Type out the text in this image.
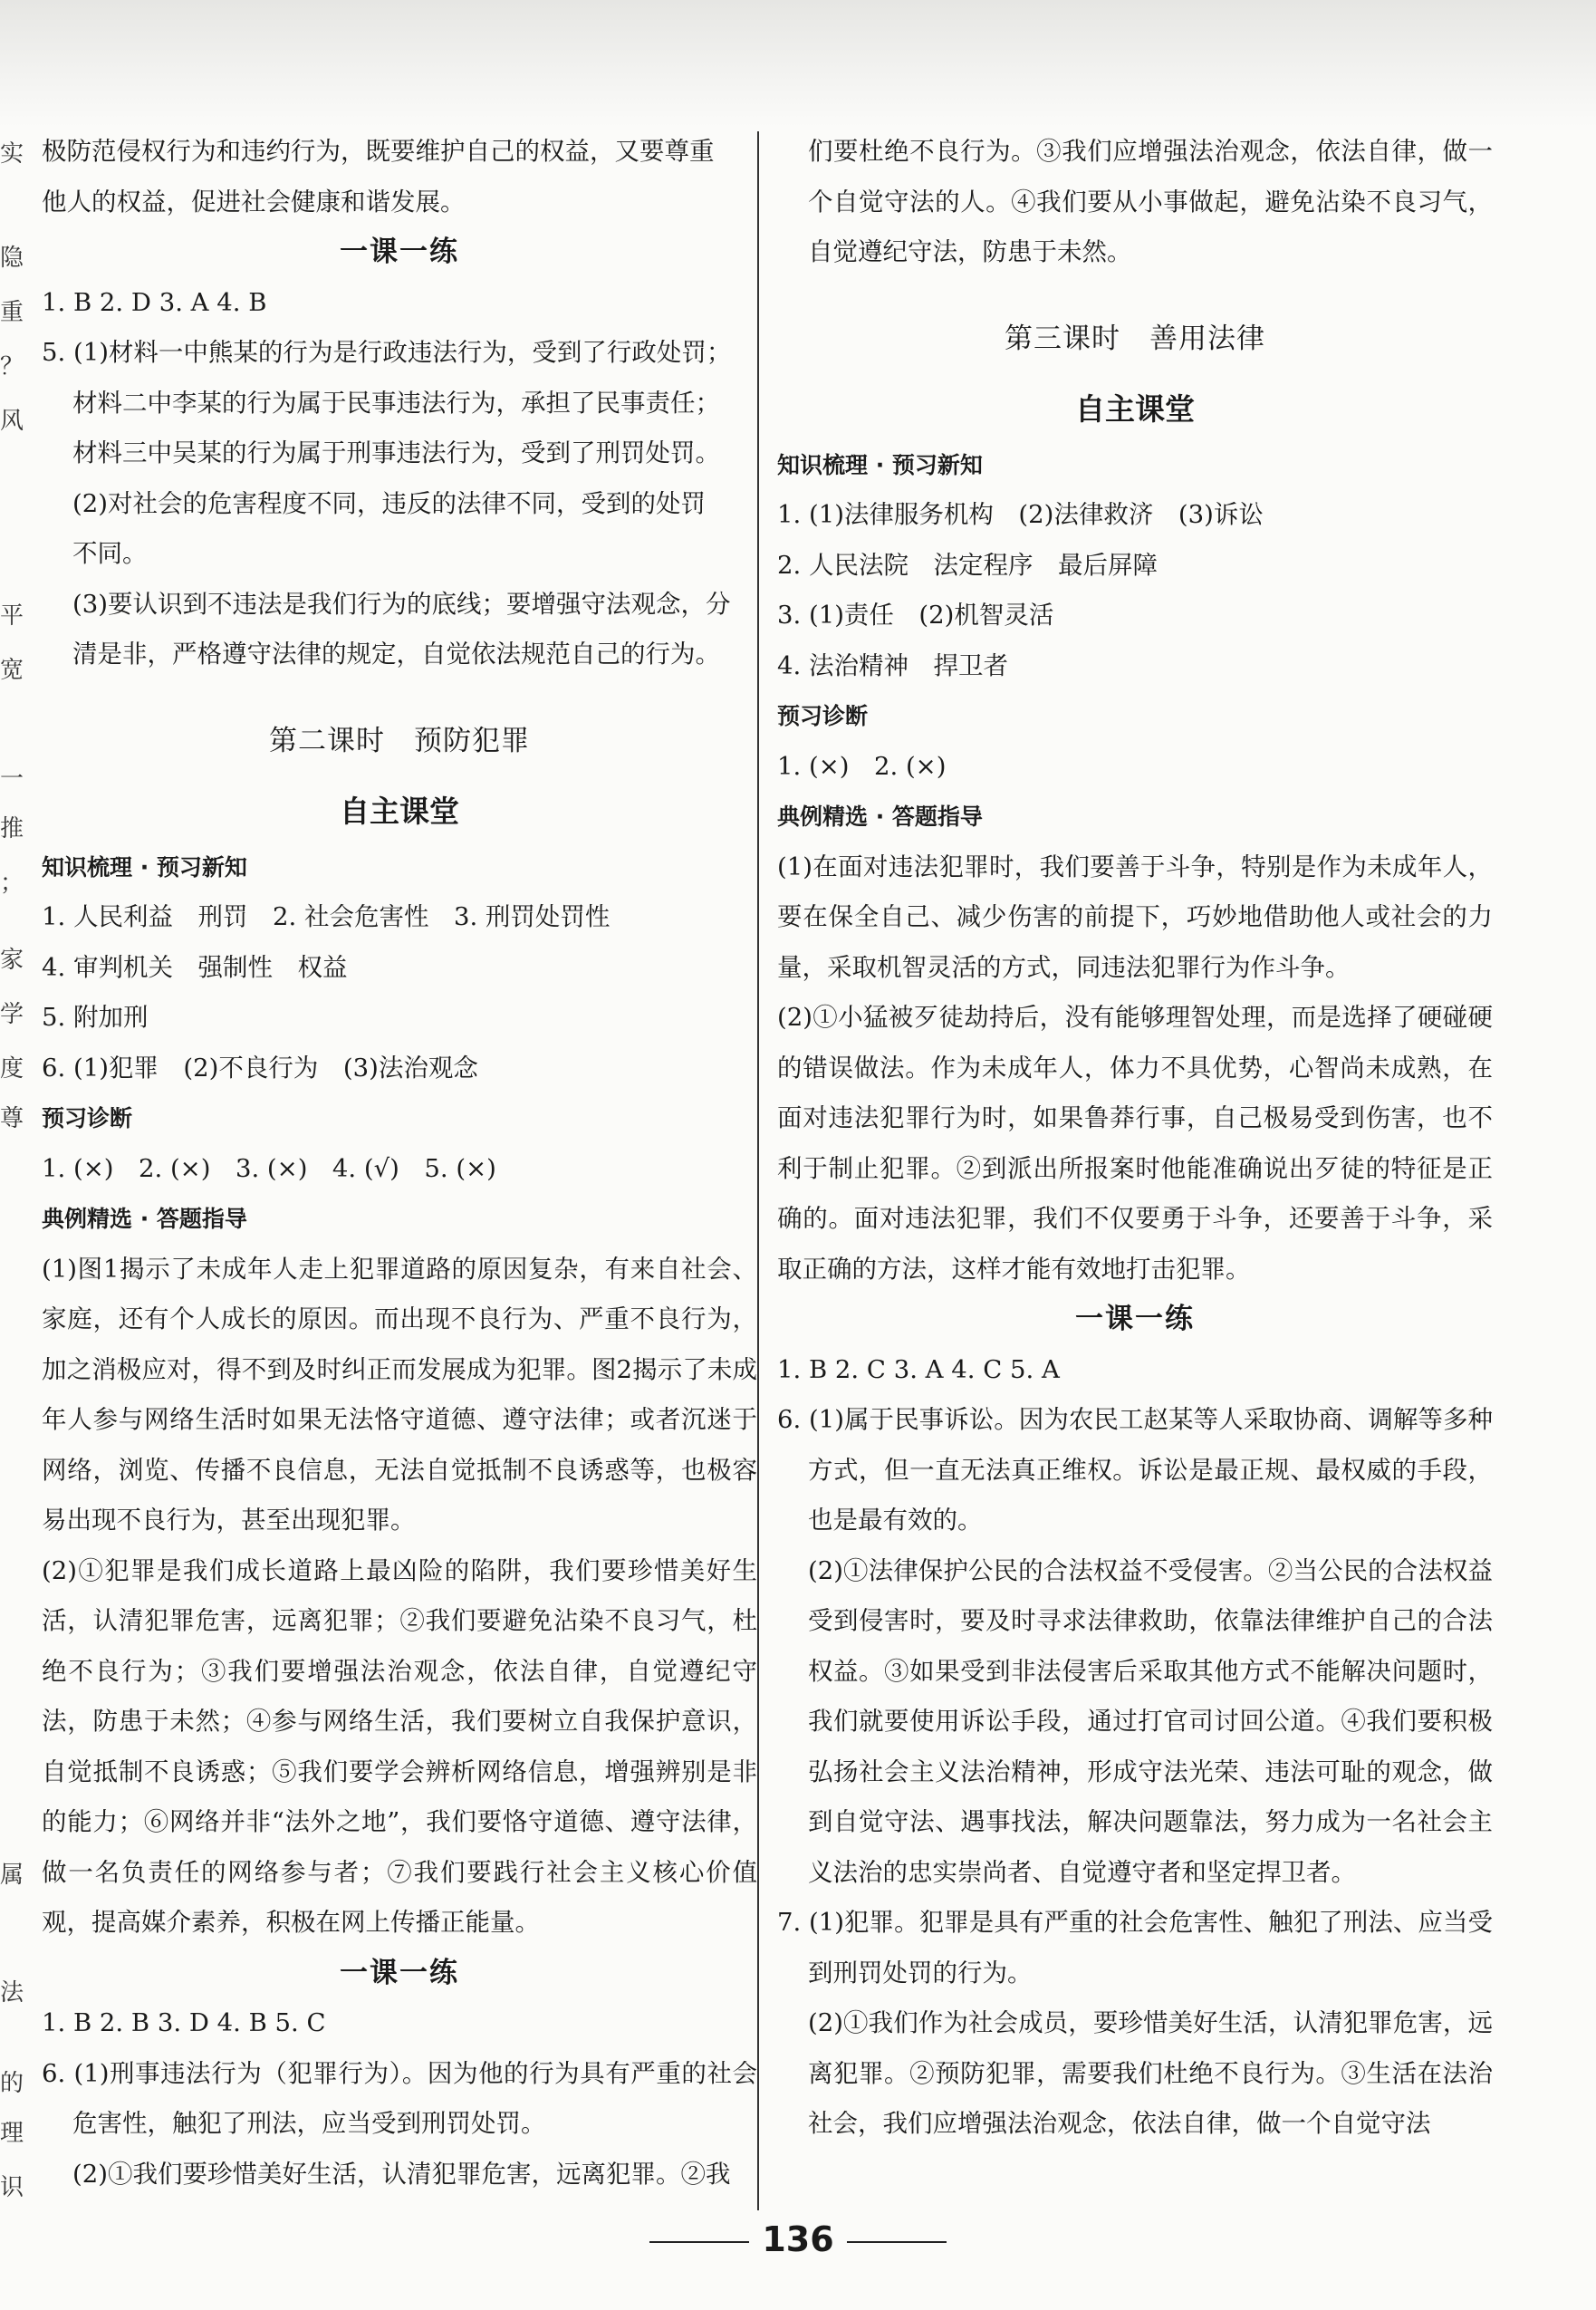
实
隐
重
？
风
平
宽
一
推
；
家
学
度
尊
属
法
的
理
识

极防范侵权行为和违约行为，既要维护自己的权益，又要尊重

他人的权益，促进社会健康和谐发展。

一课一练

1. B 2. D 3. A 4. B

5. (1)材料一中熊某的行为是行政违法行为，受到了行政处罚；

材料二中李某的行为属于民事违法行为，承担了民事责任；

材料三中吴某的行为属于刑事违法行为，受到了刑罚处罚。

(2)对社会的危害程度不同，违反的法律不同，受到的处罚

不同。

(3)要认识到不违法是我们行为的底线；要增强守法观念，分

清是非，严格遵守法律的规定，自觉依法规范自己的行为。

第二课时　预防犯罪

自主课堂

知识梳理 · 预习新知

1. 人民利益　刑罚　2. 社会危害性　3. 刑罚处罚性

4. 审判机关　强制性　权益

5. 附加刑

6. (1)犯罪　(2)不良行为　(3)法治观念

预习诊断

1. (×)　2. (×)　3. (×)　4. (√)　5. (×)

典例精选 · 答题指导

(1)图1揭示了未成年人走上犯罪道路的原因复杂，有来自社会、家庭，还有个人成长的原因。而出现不良行为、严重不良行为，加之消极应对，得不到及时纠正而发展成为犯罪。图2揭示了未成年人参与网络生活时如果无法恪守道德、遵守法律；或者沉迷于网络，浏览、传播不良信息，无法自觉抵制不良诱惑等，也极容易出现不良行为，甚至出现犯罪。

(2)①犯罪是我们成长道路上最凶险的陷阱，我们要珍惜美好生活，认清犯罪危害，远离犯罪；②我们要避免沾染不良习气，杜绝不良行为；③我们要增强法治观念，依法自律，自觉遵纪守法，防患于未然；④参与网络生活，我们要树立自我保护意识，自觉抵制不良诱惑；⑤我们要学会辨析网络信息，增强辨别是非的能力；⑥网络并非“法外之地”，我们要恪守道德、遵守法律，做一名负责任的网络参与者；⑦我们要践行社会主义核心价值观，提高媒介素养，积极在网上传播正能量。

一课一练

1. B 2. B 3. D 4. B 5. C

6. (1)刑事违法行为（犯罪行为）。因为他的行为具有严重的社会危害性，触犯了刑法，应当受到刑罚处罚。

(2)①我们要珍惜美好生活，认清犯罪危害，远离犯罪。②我

们要杜绝不良行为。③我们应增强法治观念，依法自律，做一个自觉守法的人。④我们要从小事做起，避免沾染不良习气，自觉遵纪守法，防患于未然。

第三课时　善用法律

自主课堂

知识梳理 · 预习新知

1. (1)法律服务机构　(2)法律救济　(3)诉讼

2. 人民法院　法定程序　最后屏障

3. (1)责任　(2)机智灵活

4. 法治精神　捍卫者

预习诊断

1. (×)　2. (×)

典例精选 · 答题指导

(1)在面对违法犯罪时，我们要善于斗争，特别是作为未成年人，要在保全自己、减少伤害的前提下，巧妙地借助他人或社会的力量，采取机智灵活的方式，同违法犯罪行为作斗争。

(2)①小猛被歹徒劫持后，没有能够理智处理，而是选择了硬碰硬的错误做法。作为未成年人，体力不具优势，心智尚未成熟，在面对违法犯罪行为时，如果鲁莽行事，自己极易受到伤害，也不利于制止犯罪。②到派出所报案时他能准确说出歹徒的特征是正确的。面对违法犯罪，我们不仅要勇于斗争，还要善于斗争，采取正确的方法，这样才能有效地打击犯罪。

一课一练

1. B 2. C 3. A 4. C 5. A

6. (1)属于民事诉讼。因为农民工赵某等人采取协商、调解等多种方式，但一直无法真正维权。诉讼是最正规、最权威的手段，也是最有效的。

(2)①法律保护公民的合法权益不受侵害。②当公民的合法权益受到侵害时，要及时寻求法律救助，依靠法律维护自己的合法权益。③如果受到非法侵害后采取其他方式不能解决问题时，我们就要使用诉讼手段，通过打官司讨回公道。④我们要积极弘扬社会主义法治精神，形成守法光荣、违法可耻的观念，做到自觉守法、遇事找法，解决问题靠法，努力成为一名社会主义法治的忠实崇尚者、自觉遵守者和坚定捍卫者。

7. (1)犯罪。犯罪是具有严重的社会危害性、触犯了刑法、应当受到刑罚处罚的行为。

(2)①我们作为社会成员，要珍惜美好生活，认清犯罪危害，远离犯罪。②预防犯罪，需要我们杜绝不良行为。③生活在法治社会，我们应增强法治观念，依法自律，做一个自觉守法

136
